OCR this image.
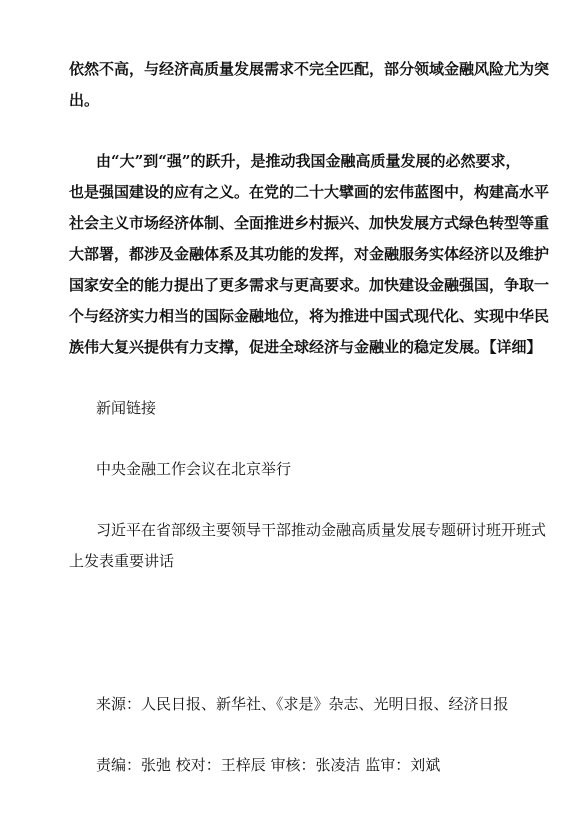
依然不高，与经济高质量发展需求不完全匹配，部分领域金融风险尤为突
出。
由“大”到“强”的跃升，是推动我国金融高质量发展的必然要求，
也是强国建设的应有之义。在党的二十大擘画的宏伟蓝图中，构建高水平
社会主义市场经济体制、全面推进乡村振兴、加快发展方式绿色转型等重
大部署，都涉及金融体系及其功能的发挥，对金融服务实体经济以及维护
国家安全的能力提出了更多需求与更高要求。加快建设金融强国，争取一
个与经济实力相当的国际金融地位，将为推进中国式现代化、实现中华民
族伟大复兴提供有力支撑，促进全球经济与金融业的稳定发展。【详细】
新闻链接
中央金融工作会议在北京举行
习近平在省部级主要领导干部推动金融高质量发展专题研讨班开班式
上发表重要讲话
来源：人民日报、新华社、《求是》杂志、光明日报、经济日报
责编：张弛 校对：王梓辰 审核：张凌洁 监审：刘斌
